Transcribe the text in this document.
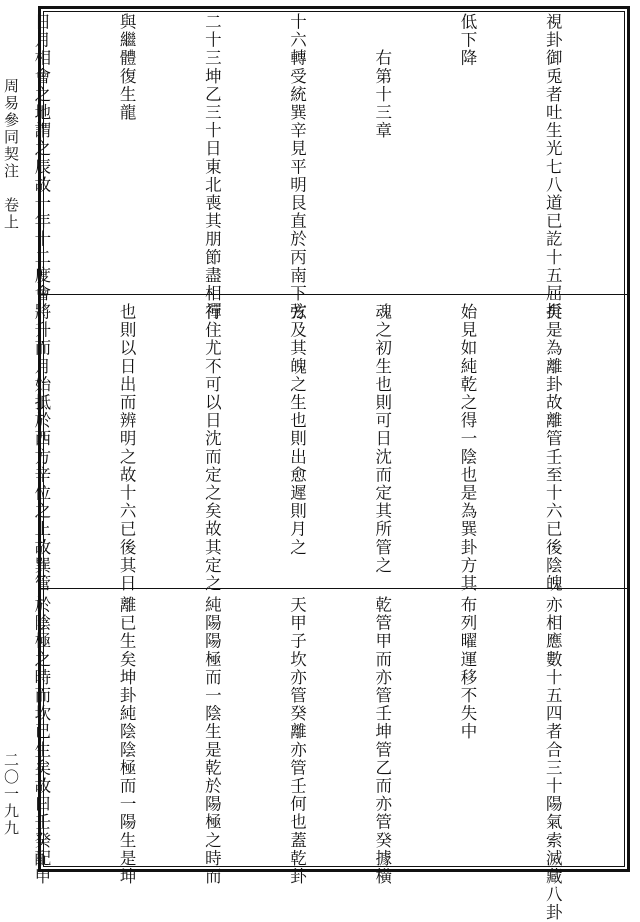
周易參同契注　卷上
二〇一九九

視卦御兎者吐生光七八道已訖十五屈折

低下降

　　右第十三章

十六轉受統巽辛見平明艮直於丙南下弦

二十三坤乙三十日東北喪其朋節盡相禪

與繼體復生龍

日月相會之地謂之辰故一年十二度會

矣是為離卦故離管壬至十六已後陰魄

始見如純乾之得一陰也是為巽卦方其

魂之初生也則可日沈而定其所管之

方及其魄之生也則出愈遲則月之

行住尤不可以日沈而定之矣故其定之

也則以日出而辨明之故十六已後其日

將升而月始抵於西方辛位之上故巽管

亦相應數十五四者合三十陽氣索滅藏八卦

布列曜運移不失中

乾管甲而亦管壬坤管乙而亦管癸據橫

天甲子坎亦管癸離亦管壬何也蓋乾卦

純陽陽極而一陰生是乾於陽極之時而

離已生矣坤卦純陰陰極而一陽生是坤

於陰極之時而坎已生矣故曰壬癸配甲
